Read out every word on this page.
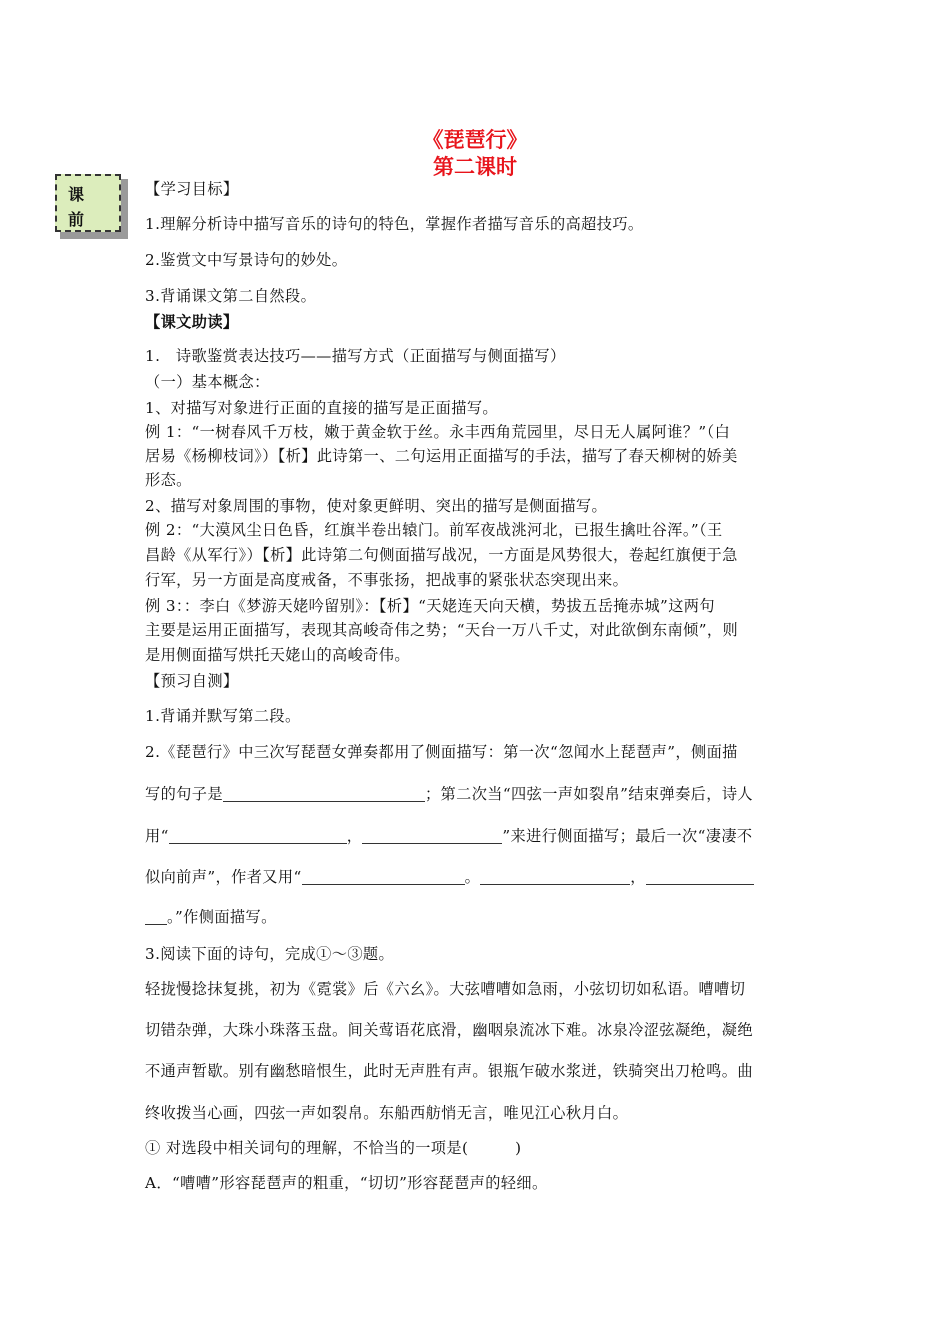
《琵琶行》
第二课时
课
前
【学习目标】
1.理解分析诗中描写音乐的诗句的特色，掌握作者描写音乐的高超技巧。
2.鉴赏文中写景诗句的妙处。
3.背诵课文第二自然段。
【课文助读】
1.　诗歌鉴赏表达技巧——描写方式（正面描写与侧面描写）
（一）基本概念：
1、对描写对象进行正面的直接的描写是正面描写。
例 1：“一树春风千万枝，嫩于黄金软于丝。永丰西角荒园里，尽日无人属阿谁？”（白
居易《杨柳枝词》）【析】此诗第一、二句运用正面描写的手法，描写了春天柳树的娇美
形态。
2、描写对象周围的事物，使对象更鲜明、突出的描写是侧面描写。
例 2：“大漠风尘日色昏，红旗半卷出辕门。前军夜战洮河北，已报生擒吐谷浑。”（王
昌龄《从军行》）【析】此诗第二句侧面描写战况，一方面是风势很大，卷起红旗便于急
行军，另一方面是高度戒备，不事张扬，把战事的紧张状态突现出来。
例 3：：李白《梦游天姥吟留别》：【析】“天姥连天向天横，势拔五岳掩赤城”这两句
主要是运用正面描写，表现其高峻奇伟之势；“天台一万八千丈，对此欲倒东南倾”，则
是用侧面描写烘托天姥山的高峻奇伟。
【预习自测】
1.背诵并默写第二段。
2.《琵琶行》中三次写琵琶女弹奏都用了侧面描写：第一次“忽闻水上琵琶声”，侧面描
写的句子是	；第二次当“四弦一声如裂帛”结束弹奏后，诗人
用“	，	”来进行侧面描写；最后一次“凄凄不
似向前声”，作者又用“	。	，
。”作侧面描写。
3.阅读下面的诗句，完成①～③题。
轻拢慢捻抹复挑，初为《霓裳》后《六幺》。大弦嘈嘈如急雨，小弦切切如私语。嘈嘈切
切错杂弹，大珠小珠落玉盘。间关莺语花底滑，幽咽泉流冰下难。冰泉冷涩弦凝绝，凝绝
不通声暂歇。别有幽愁暗恨生，此时无声胜有声。银瓶乍破水浆迸，铁骑突出刀枪鸣。曲
终收拨当心画，四弦一声如裂帛。东船西舫悄无言，唯见江心秋月白。
① 对选段中相关词句的理解，不恰当的一项是(　　　)
A．“嘈嘈”形容琵琶声的粗重，“切切”形容琵琶声的轻细。
